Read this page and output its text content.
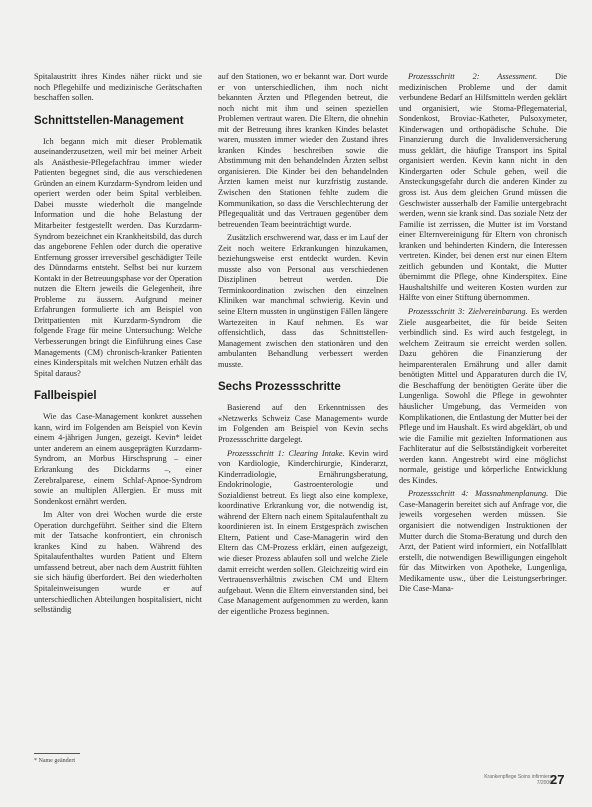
Spitalaustritt ihres Kindes näher rückt und sie noch Pflegehilfe und medizinische Gerätschaften beschaffen sollen.

Schnittstellen-Management

Ich begann mich mit dieser Problematik auseinanderzusetzen, weil mir bei meiner Arbeit als Anästhesie-Pflegefachfrau immer wieder Patienten begegnet sind, die aus verschiedenen Gründen an einem Kurzdarm-Syndrom leiden und operiert werden oder beim Spital verbleiben. Dabei musste wiederholt die mangelnde Information und die hohe Belastung der Mitarbeiter festgestellt werden. Das Kurzdarm-Syndrom bezeichnet ein Krankheitsbild, das durch das angeborene Fehlen oder durch die operative Entfernung grosser irreversibel geschädigter Teile des Dünndarms entsteht. Selbst bei nur kurzem Kontakt in der Betreuungsphase vor der Operation nutzen die Eltern jeweils die Gelegenheit, ihre Probleme zu äussern. Aufgrund meiner Erfahrungen formulierte ich am Beispiel von Drittpatienten mit Kurzdarm-Syndrom die folgende Frage für meine Untersuchung: Welche Verbesserungen bringt die Einführung eines Case Managements (CM) chronisch-kranker Patienten eines Kinderspitals mit welchen Nutzen erhält das Spital daraus?

Fallbeispiel

Wie das Case-Management konkret aussehen kann, wird im Folgenden am Beispiel von Kevin einem 4-jährigen Jungen, gezeigt. Kevin* leidet unter anderem an einem ausgeprägten Kurzdarm-Syndrom, an Morbus Hirschsprung – einer Erkrankung des Dickdarms –, einer Zerebralparese, einem Schlaf-Apnoe-Syndrom sowie an multiplen Allergien. Er muss mit Sondenkost ernährt werden.

Im Alter von drei Wochen wurde die erste Operation durchgeführt. Seither sind die Eltern mit der Tatsache konfrontiert, ein chronisch krankes Kind zu haben. Während des Spitalaufenthaltes wurden Patient und Eltern umfassend betreut, aber nach dem Austritt fühlten sie sich häufig überfordert. Bei den wiederholten Spitaleinweisungen wurde er auf unterschiedlichen Abteilungen hospitalisiert, nicht selbständig

* Name geändert

auf den Stationen, wo er bekannt war. Dort wurde er von unterschiedlichen, ihm noch nicht bekannten Ärzten und Pflegenden betreut, die noch nicht mit ihm und seinen speziellen Problemen vertraut waren. Die Eltern, die ohnehin mit der Betreuung ihres kranken Kindes belastet waren, mussten immer wieder den Zustand ihres kranken Kindes beschreiben sowie die Abstimmung mit den behandelnden Ärzten selbst organisieren. Die Kinder bei den behandelnden Ärzten kamen meist nur kurzfristig zustande. Zwischen den Stationen fehlte zudem die Kommunikation, so dass die Verschlechterung der Pflegequalität und das Vertrauen gegenüber dem betreuenden Team beeinträchtigt wurde.

Zusätzlich erschwerend war, dass er im Lauf der Zeit noch weitere Erkrankungen hinzukamen, beziehungsweise erst entdeckt wurden. Kevin musste also von Personal aus verschiedenen Disziplinen betreut werden. Die Terminkoordination zwischen den einzelnen Kliniken war manchmal schwierig. Kevin und seine Eltern mussten in ungünstigen Fällen längere Wartezeiten in Kauf nehmen. Es war offensichtlich, dass das Schnittstellen-Management zwischen den stationären und den ambulanten Behandlung verbessert werden musste.

Sechs Prozessschritte

Basierend auf den Erkenntnissen des «Netzwerks Schweiz Case Management» wurde im Folgenden am Beispiel von Kevin sechs Prozessschritte dargelegt.

Prozessschritt 1: Clearing Intake. Kevin wird von Kardiologie, Kinderchirurgie, Kinderarzt, Kinderradiologie, Ernährungsberatung, Endokrinologie, Gastroenterologie und Sozialdienst betreut. Es liegt also eine komplexe, koordinative Erkrankung vor, die notwendig ist, während der Eltern nach einem Spitalaufenthalt zu koordinieren ist. In einem Erstgespräch zwischen Eltern, Patient und Case-Managerin wird den Eltern das CM-Prozess erklärt, einen aufgezeigt, wie dieser Prozess ablaufen soll und welche Ziele damit erreicht werden sollen. Gleichzeitig wird ein Vertrauensverhältnis zwischen CM und Eltern aufgebaut. Wenn die Eltern einverstanden sind, bei Case Management aufgenommen zu werden, kann der eigentliche Prozess beginnen.

Prozessschritt 2: Assessment. Die medizinischen Probleme und der damit verbundene Bedarf an Hilfsmitteln werden geklärt und organisiert, wie Stoma-Pflegematerial, Sondenkost, Broviac-Katheter, Pulsoxymeter, Kinderwagen und orthopädische Schuhe. Die Finanzierung durch die Invalidenversicherung muss geklärt, die häufige Transport ins Spital organisiert werden. Kevin kann nicht in den Kindergarten oder Schule gehen, weil die Ansteckungsgefahr durch die anderen Kinder zu gross ist. Aus dem gleichen Grund müssen die Geschwister ausserhalb der Familie untergebracht werden, wenn sie krank sind. Das soziale Netz der Familie ist zerrissen, die Mutter ist im Vorstand einer Elternvereinigung für Eltern von chronisch kranken und behinderten Kindern, die Interessen vertreten. Kinder, bei denen erst nur einen Eltern zeitlich gebunden und Kontakt, die Mutter übernimmt die Pflege, ohne Kinderspitex. Eine Haushaltshilfe und weiteren Kosten wurden zur Hälfte von einer Stiftung übernommen.

Prozessschritt 3: Zielvereinbarung. Es werden Ziele ausgearbeitet, die für beide Seiten verbindlich sind. Es wird auch festgelegt, in welchem Zeitraum sie erreicht werden sollen. Dazu gehören die Finanzierung der heimparenteralen Ernährung und aller damit benötigten Mittel und Apparaturen durch die IV, die Beschaffung der benötigten Geräte über die Lungenliga. Sowohl die Pflege in gewohnter häuslicher Umgebung, das Vermeiden von Komplikationen, die Entlastung der Mutter bei der Pflege und im Haushalt. Es wird abgeklärt, ob und wie die Familie mit gezielten Informationen aus Fachliteratur auf die Selbstständigkeit vorbereitet werden kann. Angestrebt wird eine möglichst normale, geistige und körperliche Entwicklung des Kindes.

Prozessschritt 4: Massnahmenplanung. Die Case-Managerin bereitet sich auf Anfrage vor, die jeweils vorgesehen werden müssen. Sie organisiert die notwendigen Instruktionen der Mutter durch die Stoma-Beratung und durch den Arzt, der Patient wird informiert, ein Notfallblatt erstellt, die notwendigen Bewilligungen eingeholt für das Mitwirken von Apotheke, Lungenliga, Medikamente usw., über die Leistungserbringer. Die Case-Mana-

Krankenpflege Soins infirmiers 7/2006
27
